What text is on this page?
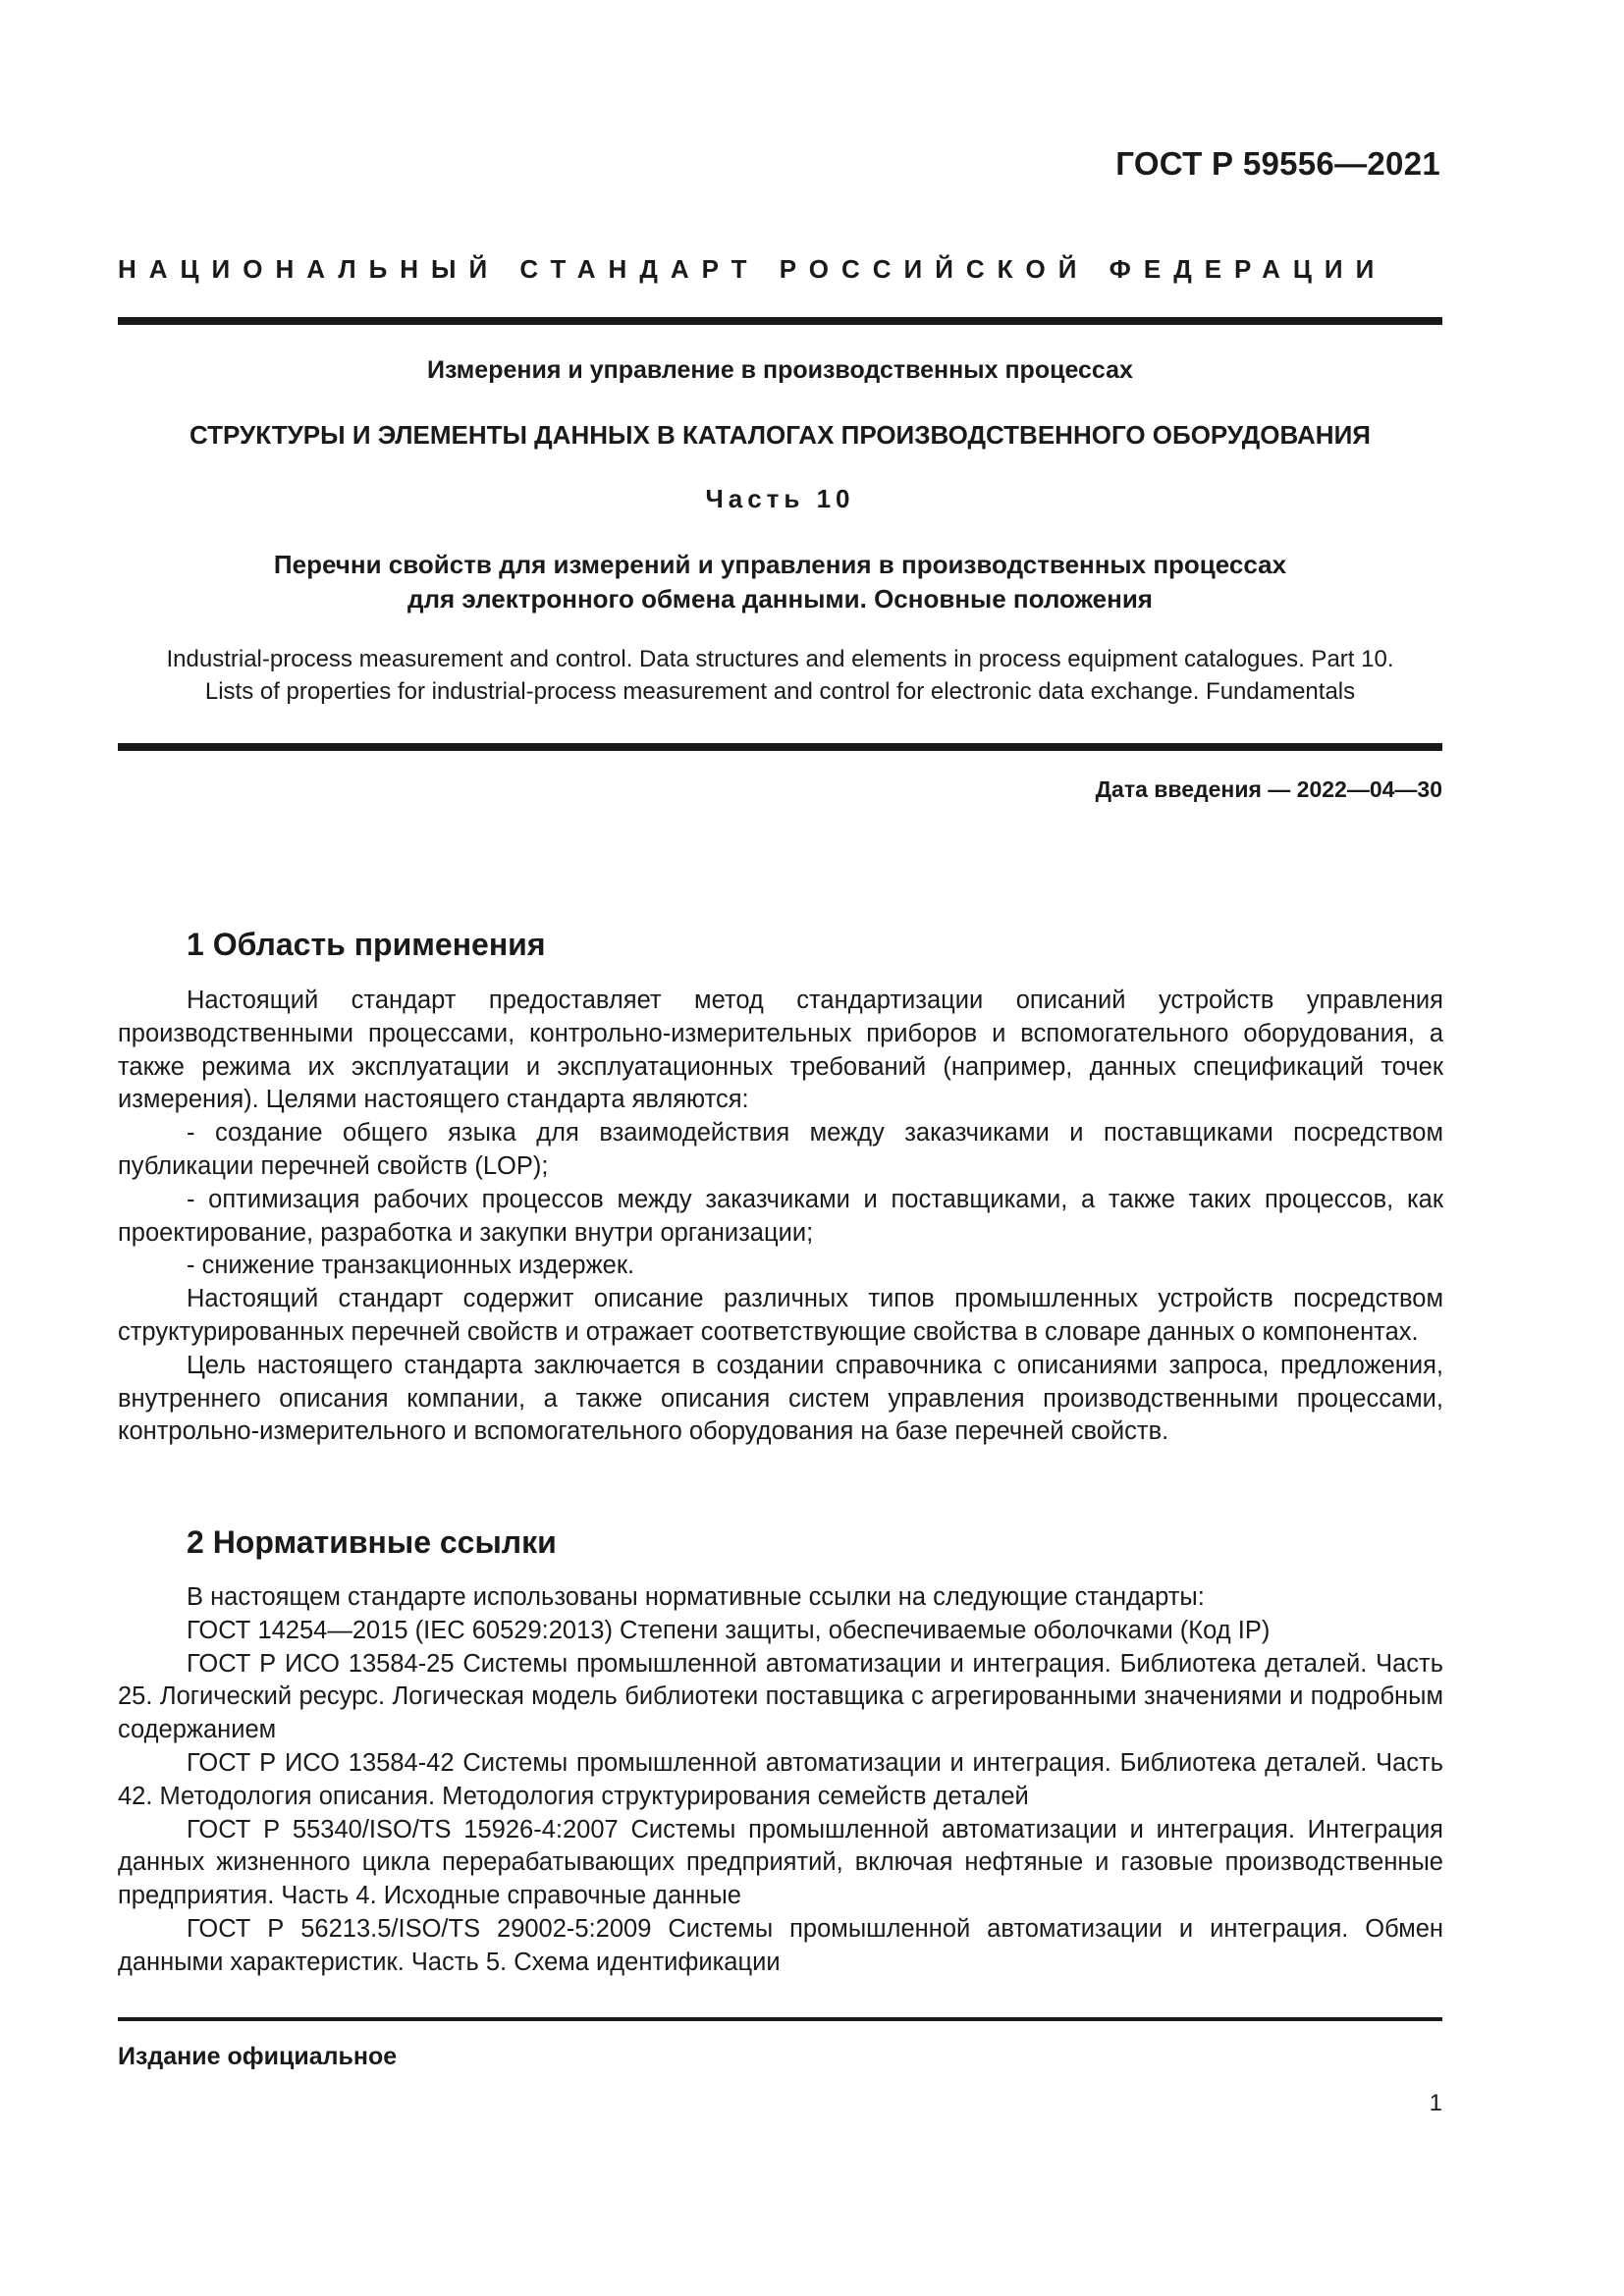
ГОСТ Р 59556—2021
НАЦИОНАЛЬНЫЙ СТАНДАРТ РОССИЙСКОЙ ФЕДЕРАЦИИ
Измерения и управление в производственных процессах
СТРУКТУРЫ И ЭЛЕМЕНТЫ ДАННЫХ В КАТАЛОГАХ ПРОИЗВОДСТВЕННОГО ОБОРУДОВАНИЯ
Часть 10
Перечни свойств для измерений и управления в производственных процессах
для электронного обмена данными. Основные положения
Industrial-process measurement and control. Data structures and elements in process equipment catalogues. Part 10.
Lists of properties for industrial-process measurement and control for electronic data exchange. Fundamentals
Дата введения — 2022—04—30
1 Область применения

Настоящий стандарт предоставляет метод стандартизации описаний устройств управления производственными процессами, контрольно-измерительных приборов и вспомогательного оборудования, а также режима их эксплуатации и эксплуатационных требований (например, данных спецификаций точек измерения). Целями настоящего стандарта являются:

- создание общего языка для взаимодействия между заказчиками и поставщиками посредством публикации перечней свойств (LOP);

- оптимизация рабочих процессов между заказчиками и поставщиками, а также таких процессов, как проектирование, разработка и закупки внутри организации;

- снижение транзакционных издержек.

Настоящий стандарт содержит описание различных типов промышленных устройств посредством структурированных перечней свойств и отражает соответствующие свойства в словаре данных о компонентах.

Цель настоящего стандарта заключается в создании справочника с описаниями запроса, предложения, внутреннего описания компании, а также описания систем управления производственными процессами, контрольно-измерительного и вспомогательного оборудования на базе перечней свойств.

2 Нормативные ссылки

В настоящем стандарте использованы нормативные ссылки на следующие стандарты:

ГОСТ 14254—2015 (IEC 60529:2013) Степени защиты, обеспечиваемые оболочками (Код IP)

ГОСТ Р ИСО 13584-25 Системы промышленной автоматизации и интеграция. Библиотека деталей. Часть 25. Логический ресурс. Логическая модель библиотеки поставщика с агрегированными значениями и подробным содержанием

ГОСТ Р ИСО 13584-42 Системы промышленной автоматизации и интеграция. Библиотека деталей. Часть 42. Методология описания. Методология структурирования семейств деталей

ГОСТ Р 55340/ISO/TS 15926-4:2007 Системы промышленной автоматизации и интеграция. Интеграция данных жизненного цикла перерабатывающих предприятий, включая нефтяные и газовые производственные предприятия. Часть 4. Исходные справочные данные

ГОСТ Р 56213.5/ISO/TS 29002-5:2009 Системы промышленной автоматизации и интеграция. Обмен данными характеристик. Часть 5. Схема идентификации

Издание официальное
1
